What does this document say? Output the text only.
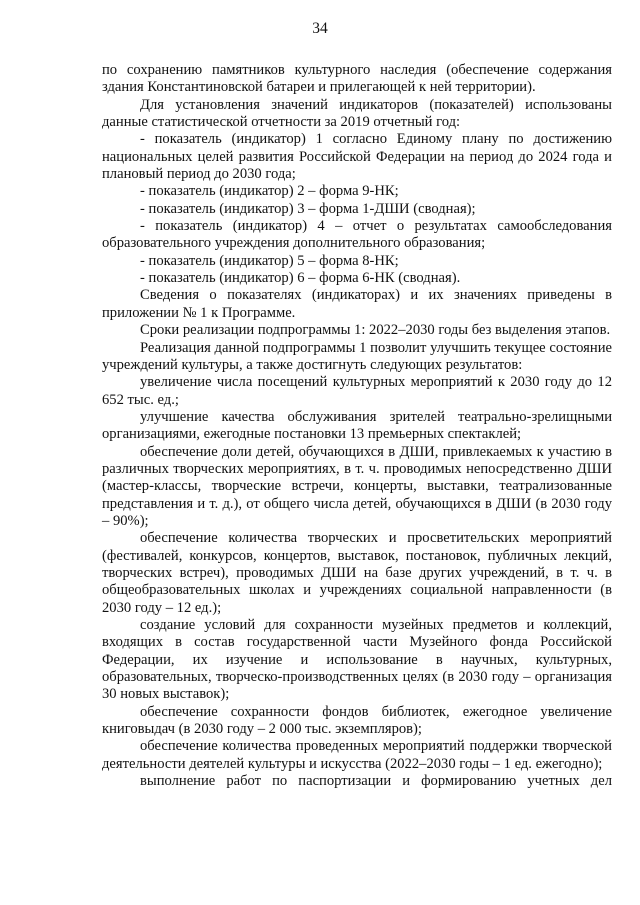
34

по сохранению памятников культурного наследия (обеспечение содержания здания Константиновской батареи и прилегающей к ней территории).

Для установления значений индикаторов (показателей) использованы данные статистической отчетности за 2019 отчетный год:

- показатель (индикатор) 1 согласно Единому плану по достижению национальных целей развития Российской Федерации на период до 2024 года и плановый период до 2030 года;

- показатель (индикатор) 2 – форма 9-НК;

- показатель (индикатор) 3 – форма 1-ДШИ (сводная);

- показатель (индикатор) 4 – отчет о результатах самообследования образовательного учреждения дополнительного образования;

- показатель (индикатор) 5 – форма 8-НК;

- показатель (индикатор) 6 – форма 6-НК (сводная).

Сведения о показателях (индикаторах) и их значениях приведены в приложении № 1 к Программе.

Сроки реализации подпрограммы 1: 2022–2030 годы без выделения этапов.

Реализация данной подпрограммы 1 позволит улучшить текущее состояние учреждений культуры, а также достигнуть следующих результатов:

увеличение числа посещений культурных мероприятий к 2030 году до 12 652 тыс. ед.;

улучшение качества обслуживания зрителей театрально-зрелищными организациями, ежегодные постановки 13 премьерных спектаклей;

обеспечение доли детей, обучающихся в ДШИ, привлекаемых к участию в различных творческих мероприятиях, в т. ч. проводимых непосредственно ДШИ (мастер-классы, творческие встречи, концерты, выставки, театрализованные представления и т. д.), от общего числа детей, обучающихся в ДШИ (в 2030 году – 90%);

обеспечение количества творческих и просветительских мероприятий (фестивалей, конкурсов, концертов, выставок, постановок, публичных лекций, творческих встреч), проводимых ДШИ на базе других учреждений, в т. ч. в общеобразовательных школах и учреждениях социальной направленности (в 2030 году – 12 ед.);

создание условий для сохранности музейных предметов и коллекций, входящих в состав государственной части Музейного фонда Российской Федерации, их изучение и использование в научных, культурных, образовательных, творческо-производственных целях (в 2030 году – организация 30 новых выставок);

обеспечение сохранности фондов библиотек, ежегодное увеличение книговыдач (в 2030 году – 2 000 тыс. экземпляров);

обеспечение количества проведенных мероприятий поддержки творческой деятельности деятелей культуры и искусства (2022–2030 годы – 1 ед. ежегодно);

выполнение работ по паспортизации и формированию учетных дел
